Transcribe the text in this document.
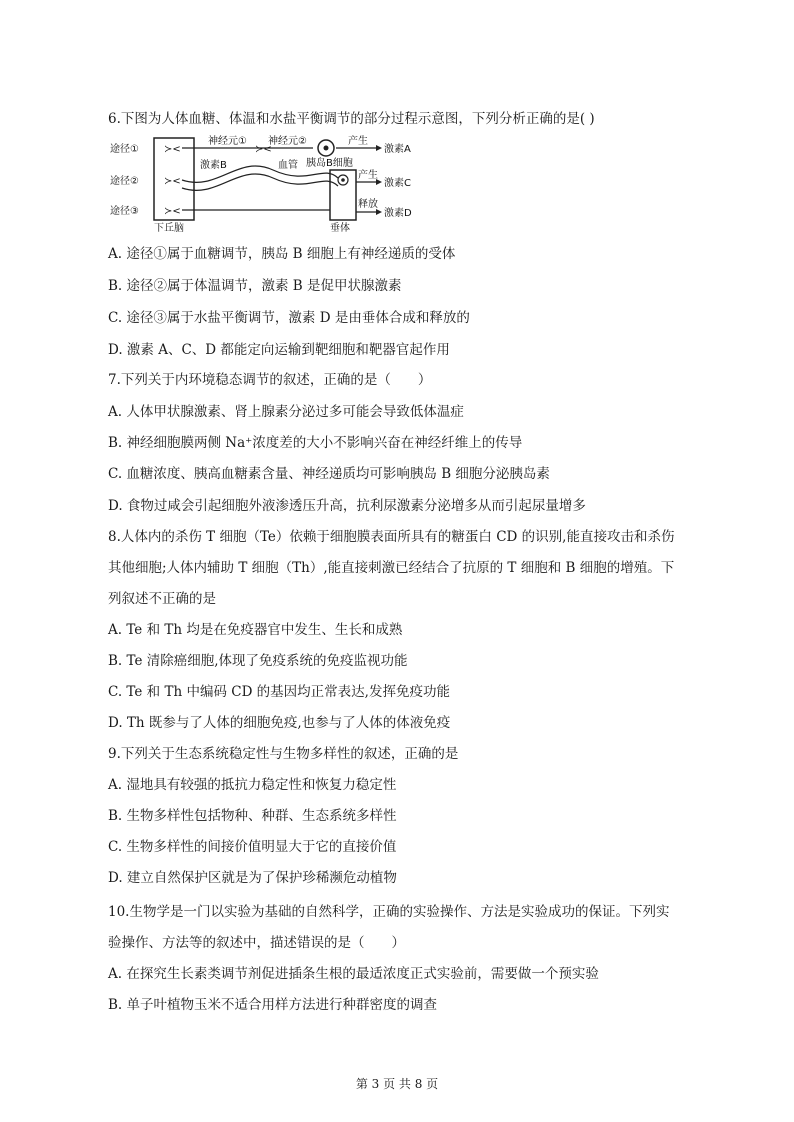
6.下图为人体血糖、体温和水盐平衡调节的部分过程示意图，下列分析正确的是( )
途径①
途径②
途径③
下丘脑
≻<
≻<
≻<
神经元① 神经元②
≻<
胰岛B细胞
产生
激素A
激素B	血管
垂体
产生
激素C
释放
激素D
A. 途径①属于血糖调节，胰岛 B 细胞上有神经递质的受体
B. 途径②属于体温调节，激素 B 是促甲状腺激素
C. 途径③属于水盐平衡调节，激素 D 是由垂体合成和释放的
D. 激素 A、C、D 都能定向运输到靶细胞和靶器官起作用
7.下列关于内环境稳态调节的叙述，正确的是（　　）
A. 人体甲状腺激素、肾上腺素分泌过多可能会导致低体温症
B. 神经细胞膜两侧 Na⁺浓度差的大小不影响兴奋在神经纤维上的传导
C. 血糖浓度、胰高血糖素含量、神经递质均可影响胰岛 B 细胞分泌胰岛素
D. 食物过咸会引起细胞外液渗透压升高，抗利尿激素分泌增多从而引起尿量增多
8.人体内的杀伤 T 细胞（Te）依赖于细胞膜表面所具有的糖蛋白 CD 的识别,能直接攻击和杀伤
其他细胞;人体内辅助 T 细胞（Th）,能直接刺激已经结合了抗原的 T 细胞和 B 细胞的增殖。下
列叙述不正确的是
A. Te 和 Th 均是在免疫器官中发生、生长和成熟
B. Te 清除癌细胞,体现了免疫系统的免疫监视功能
C. Te 和 Th 中编码 CD 的基因均正常表达,发挥免疫功能
D. Th 既参与了人体的细胞免疫,也参与了人体的体液免疫
9.下列关于生态系统稳定性与生物多样性的叙述，正确的是
A. 湿地具有较强的抵抗力稳定性和恢复力稳定性
B. 生物多样性包括物种、种群、生态系统多样性
C. 生物多样性的间接价值明显大于它的直接价值
D. 建立自然保护区就是为了保护珍稀濒危动植物
10.生物学是一门以实验为基础的自然科学，正确的实验操作、方法是实验成功的保证。下列实
验操作、方法等的叙述中，描述错误的是（　　）
A. 在探究生长素类调节剂促进插条生根的最适浓度正式实验前，需要做一个预实验
B. 单子叶植物玉米不适合用样方法进行种群密度的调查
第 3 页 共 8 页
